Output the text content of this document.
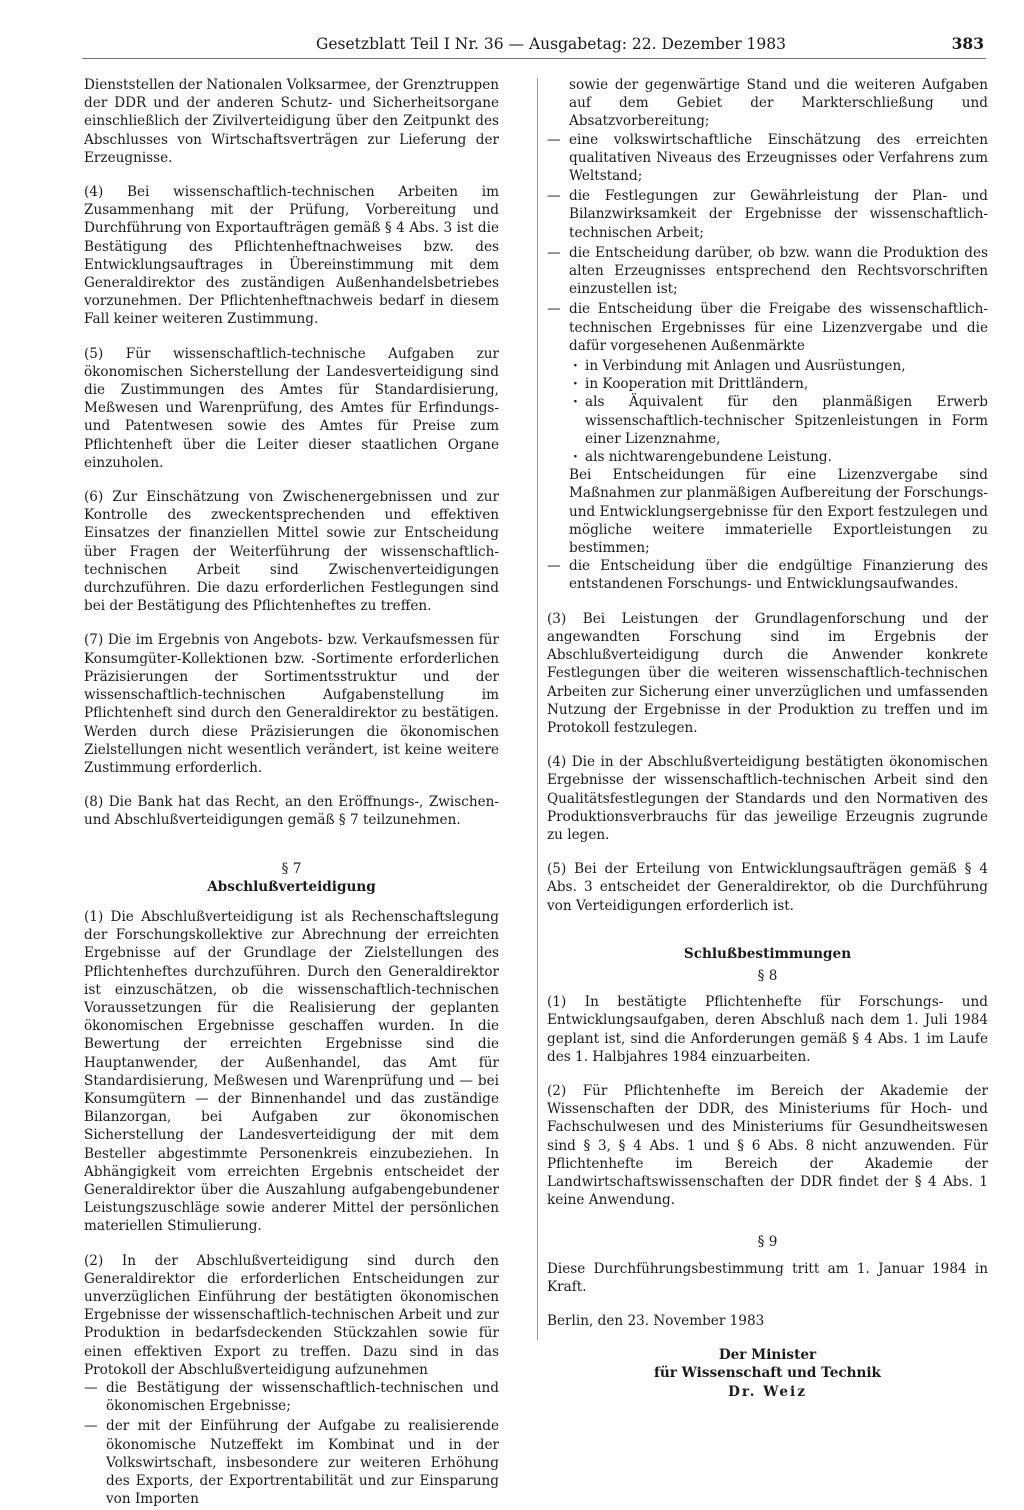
Gesetzblatt Teil I Nr. 36 — Ausgabetag: 22. Dezember 1983	383

Dienststellen der Nationalen Volksarmee, der Grenztruppen der DDR und der anderen Schutz- und Sicherheitsorgane einschließlich der Zivilverteidigung über den Zeitpunkt des Abschlusses von Wirtschaftsverträgen zur Lieferung der Erzeugnisse.

(4) Bei wissenschaftlich-technischen Arbeiten im Zusammenhang mit der Prüfung, Vorbereitung und Durchführung von Exportaufträgen gemäß § 4 Abs. 3 ist die Bestätigung des Pflichtenheftnachweises bzw. des Entwicklungsauftrages in Übereinstimmung mit dem Generaldirektor des zuständigen Außenhandelsbetriebes vorzunehmen. Der Pflichtenheftnachweis bedarf in diesem Fall keiner weiteren Zustimmung.

(5) Für wissenschaftlich-technische Aufgaben zur ökonomischen Sicherstellung der Landesverteidigung sind die Zustimmungen des Amtes für Standardisierung, Meßwesen und Warenprüfung, des Amtes für Erfindungs- und Patentwesen sowie des Amtes für Preise zum Pflichtenheft über die Leiter dieser staatlichen Organe einzuholen.

(6) Zur Einschätzung von Zwischenergebnissen und zur Kontrolle des zweckentsprechenden und effektiven Einsatzes der finanziellen Mittel sowie zur Entscheidung über Fragen der Weiterführung der wissenschaftlich-technischen Arbeit sind Zwischenverteidigungen durchzuführen. Die dazu erforderlichen Festlegungen sind bei der Bestätigung des Pflichtenheftes zu treffen.

(7) Die im Ergebnis von Angebots- bzw. Verkaufsmessen für Konsumgüter-Kollektionen bzw. -Sortimente erforderlichen Präzisierungen der Sortimentsstruktur und der wissenschaftlich-technischen Aufgabenstellung im Pflichtenheft sind durch den Generaldirektor zu bestätigen. Werden durch diese Präzisierungen die ökonomischen Zielstellungen nicht wesentlich verändert, ist keine weitere Zustimmung erforderlich.

(8) Die Bank hat das Recht, an den Eröffnungs-, Zwischen- und Abschlußverteidigungen gemäß § 7 teilzunehmen.

§ 7

Abschlußverteidigung

(1) Die Abschlußverteidigung ist als Rechenschaftslegung der Forschungskollektive zur Abrechnung der erreichten Ergebnisse auf der Grundlage der Zielstellungen des Pflichtenheftes durchzuführen. Durch den Generaldirektor ist einzuschätzen, ob die wissenschaftlich-technischen Voraussetzungen für die Realisierung der geplanten ökonomischen Ergebnisse geschaffen wurden. In die Bewertung der erreichten Ergebnisse sind die Hauptanwender, der Außenhandel, das Amt für Standardisierung, Meßwesen und Warenprüfung und — bei Konsumgütern — der Binnenhandel und das zuständige Bilanzorgan, bei Aufgaben zur ökonomischen Sicherstellung der Landesverteidigung der mit dem Besteller abgestimmte Personenkreis einzubeziehen. In Abhängigkeit vom erreichten Ergebnis entscheidet der Generaldirektor über die Auszahlung aufgabengebundener Leistungszuschläge sowie anderer Mittel der persönlichen materiellen Stimulierung.

(2) In der Abschlußverteidigung sind durch den Generaldirektor die erforderlichen Entscheidungen zur unverzüglichen Einführung der bestätigten ökonomischen Ergebnisse der wissenschaftlich-technischen Arbeit und zur Produktion in bedarfsdeckenden Stückzahlen sowie für einen effektiven Export zu treffen. Dazu sind in das Protokoll der Abschlußverteidigung aufzunehmen

— die Bestätigung der wissenschaftlich-technischen und ökonomischen Ergebnisse;

— der mit der Einführung der Aufgabe zu realisierende ökonomische Nutzeffekt im Kombinat und in der Volkswirtschaft, insbesondere zur weiteren Erhöhung des Exports, der Exportrentabilität und zur Einsparung von Importen

sowie der gegenwärtige Stand und die weiteren Aufgaben auf dem Gebiet der Markterschließung und Absatzvorbereitung;

— eine volkswirtschaftliche Einschätzung des erreichten qualitativen Niveaus des Erzeugnisses oder Verfahrens zum Weltstand;

— die Festlegungen zur Gewährleistung der Plan- und Bilanzwirksamkeit der Ergebnisse der wissenschaftlich-technischen Arbeit;

— die Entscheidung darüber, ob bzw. wann die Produktion des alten Erzeugnisses entsprechend den Rechtsvorschriften einzustellen ist;

— die Entscheidung über die Freigabe des wissenschaftlich-technischen Ergebnisses für eine Lizenzvergabe und die dafür vorgesehenen Außenmärkte

· in Verbindung mit Anlagen und Ausrüstungen,

· in Kooperation mit Drittländern,

· als Äquivalent für den planmäßigen Erwerb wissenschaftlich-technischer Spitzenleistungen in Form einer Lizenznahme,

· als nichtwarengebundene Leistung.

Bei Entscheidungen für eine Lizenzvergabe sind Maßnahmen zur planmäßigen Aufbereitung der Forschungs- und Entwicklungsergebnisse für den Export festzulegen und mögliche weitere immaterielle Exportleistungen zu bestimmen;

— die Entscheidung über die endgültige Finanzierung des entstandenen Forschungs- und Entwicklungsaufwandes.

(3) Bei Leistungen der Grundlagenforschung und der angewandten Forschung sind im Ergebnis der Abschlußverteidigung durch die Anwender konkrete Festlegungen über die weiteren wissenschaftlich-technischen Arbeiten zur Sicherung einer unverzüglichen und umfassenden Nutzung der Ergebnisse in der Produktion zu treffen und im Protokoll festzulegen.

(4) Die in der Abschlußverteidigung bestätigten ökonomischen Ergebnisse der wissenschaftlich-technischen Arbeit sind den Qualitätsfestlegungen der Standards und den Normativen des Produktionsverbrauchs für das jeweilige Erzeugnis zugrunde zu legen.

(5) Bei der Erteilung von Entwicklungsaufträgen gemäß § 4 Abs. 3 entscheidet der Generaldirektor, ob die Durchführung von Verteidigungen erforderlich ist.

Schlußbestimmungen

§ 8

(1) In bestätigte Pflichtenhefte für Forschungs- und Entwicklungsaufgaben, deren Abschluß nach dem 1. Juli 1984 geplant ist, sind die Anforderungen gemäß § 4 Abs. 1 im Laufe des 1. Halbjahres 1984 einzuarbeiten.

(2) Für Pflichtenhefte im Bereich der Akademie der Wissenschaften der DDR, des Ministeriums für Hoch- und Fachschulwesen und des Ministeriums für Gesundheitswesen sind § 3, § 4 Abs. 1 und § 6 Abs. 8 nicht anzuwenden. Für Pflichtenhefte im Bereich der Akademie der Landwirtschaftswissenschaften der DDR findet der § 4 Abs. 1 keine Anwendung.

§ 9

Diese Durchführungsbestimmung tritt am 1. Januar 1984 in Kraft.

Berlin, den 23. November 1983

Der Minister

für Wissenschaft und Technik

Dr. Weiz
